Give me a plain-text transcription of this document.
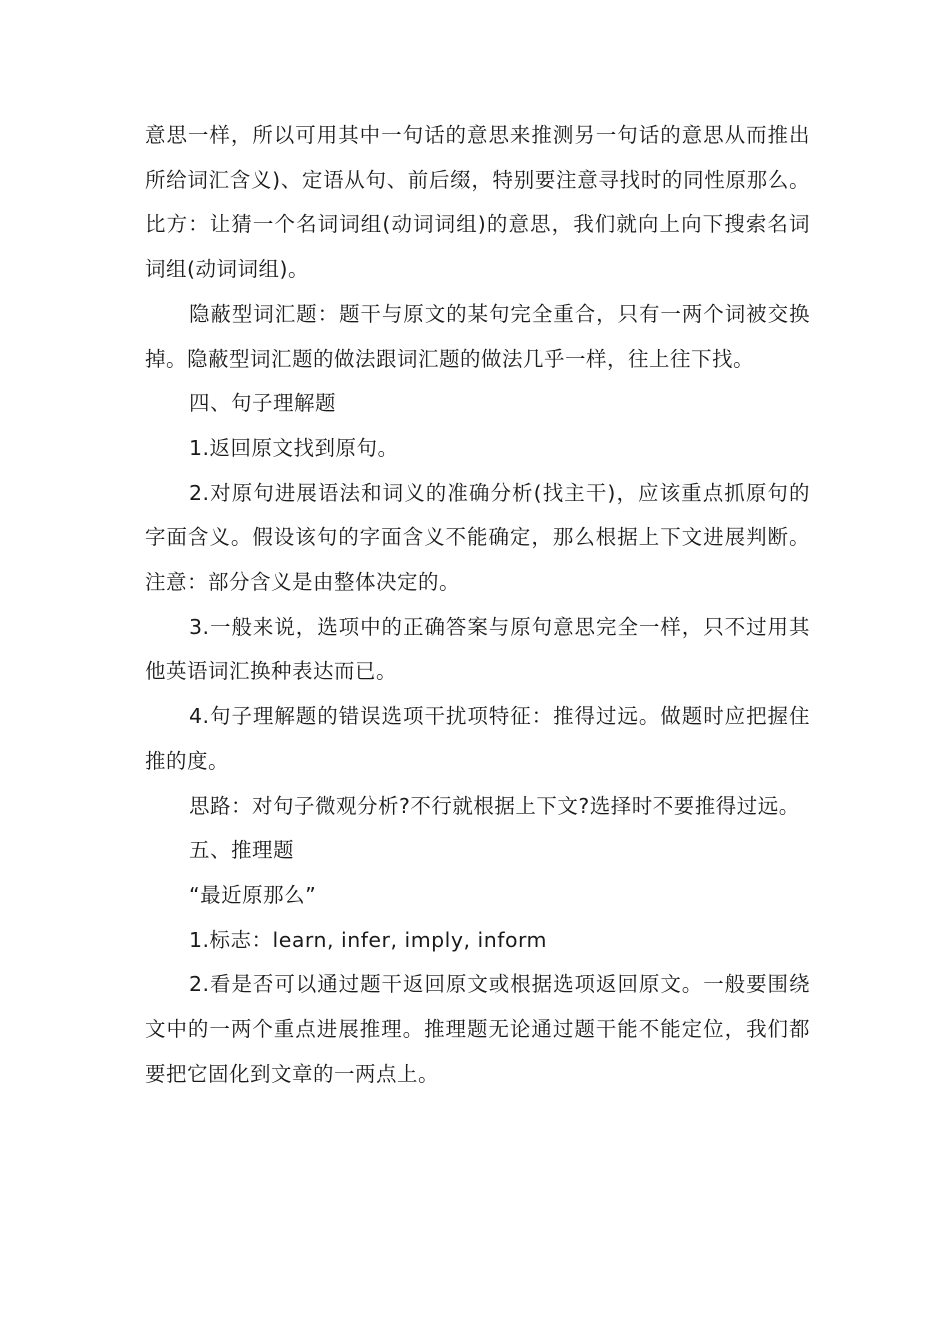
意思一样，所以可用其中一句话的意思来推测另一句话的意思从而推出所给词汇含义)、定语从句、前后缀，特别要注意寻找时的同性原那么。比方：让猜一个名词词组(动词词组)的意思，我们就向上向下搜索名词词组(动词词组)。

隐蔽型词汇题：题干与原文的某句完全重合，只有一两个词被交换掉。隐蔽型词汇题的做法跟词汇题的做法几乎一样，往上往下找。

四、句子理解题

1.返回原文找到原句。

2.对原句进展语法和词义的准确分析(找主干)，应该重点抓原句的字面含义。假设该句的字面含义不能确定，那么根据上下文进展判断。注意：部分含义是由整体决定的。

3.一般来说，选项中的正确答案与原句意思完全一样，只不过用其他英语词汇换种表达而已。

4.句子理解题的错误选项干扰项特征：推得过远。做题时应把握住推的度。

思路：对句子微观分析?不行就根据上下文?选择时不要推得过远。

五、推理题

“最近原那么”

1.标志：learn, infer, imply, inform

2.看是否可以通过题干返回原文或根据选项返回原文。一般要围绕文中的一两个重点进展推理。推理题无论通过题干能不能定位，我们都要把它固化到文章的一两点上。
